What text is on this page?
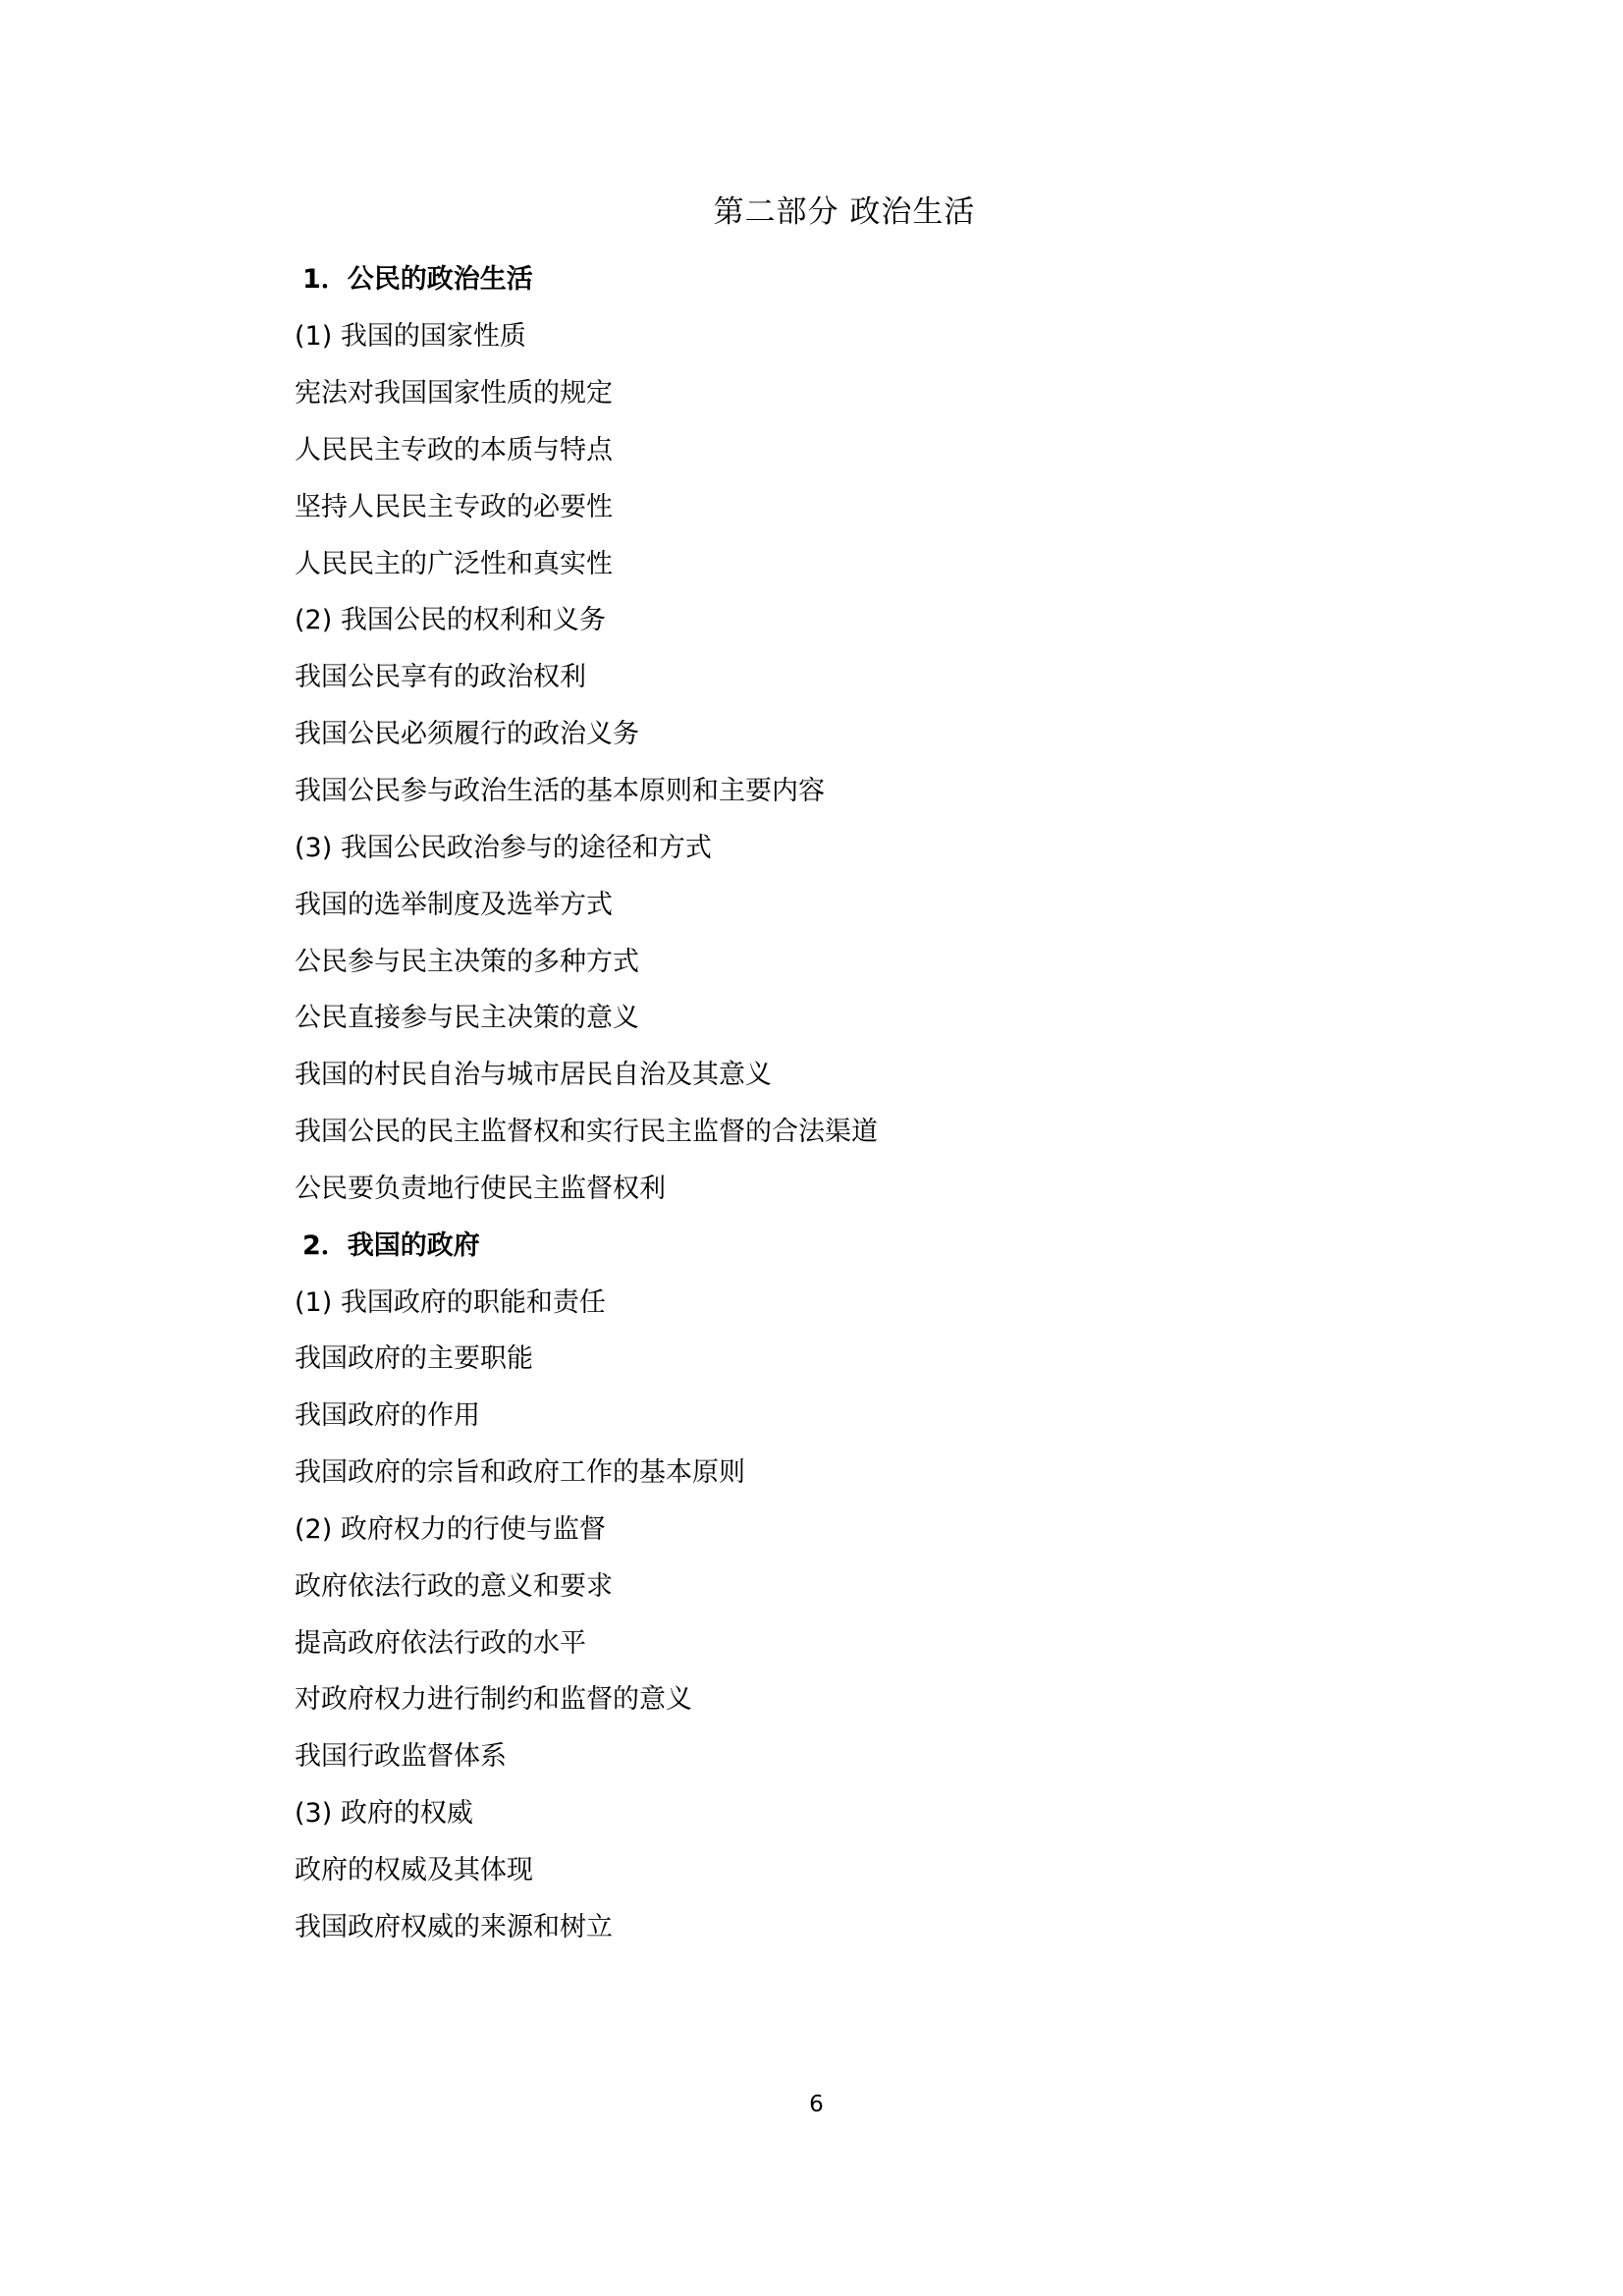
第二部分 政治生活
1．公民的政治生活
(1) 我国的国家性质
宪法对我国国家性质的规定
人民民主专政的本质与特点
坚持人民民主专政的必要性
人民民主的广泛性和真实性
(2) 我国公民的权利和义务
我国公民享有的政治权利
我国公民必须履行的政治义务
我国公民参与政治生活的基本原则和主要内容
(3) 我国公民政治参与的途径和方式
我国的选举制度及选举方式
公民参与民主决策的多种方式
公民直接参与民主决策的意义
我国的村民自治与城市居民自治及其意义
我国公民的民主监督权和实行民主监督的合法渠道
公民要负责地行使民主监督权利
2．我国的政府
(1) 我国政府的职能和责任
我国政府的主要职能
我国政府的作用
我国政府的宗旨和政府工作的基本原则
(2) 政府权力的行使与监督
政府依法行政的意义和要求
提高政府依法行政的水平
对政府权力进行制约和监督的意义
我国行政监督体系
(3) 政府的权威
政府的权威及其体现
我国政府权威的来源和树立
6
